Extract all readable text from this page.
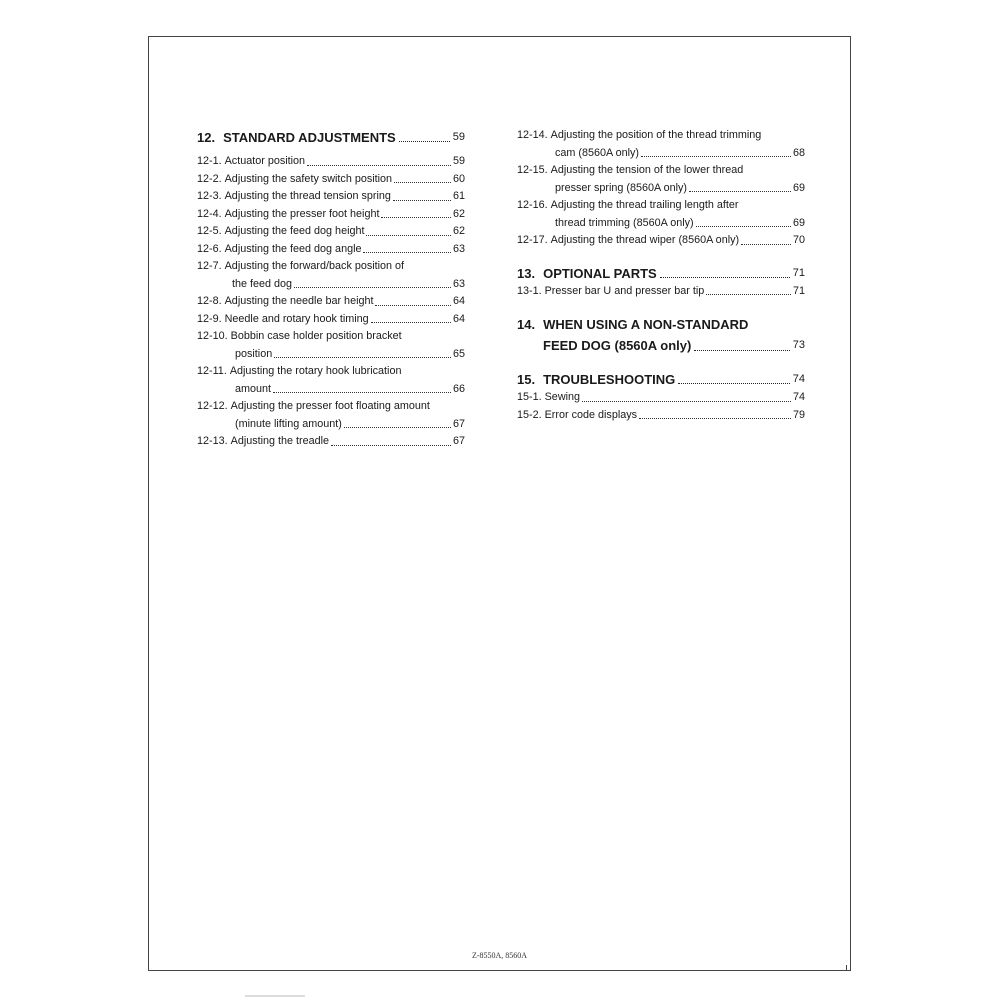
12. STANDARD ADJUSTMENTS	59
12-1. Actuator position	59
12-2. Adjusting the safety switch position	60
12-3. Adjusting the thread tension spring	61
12-4. Adjusting the presser foot height	62
12-5. Adjusting the feed dog height	62
12-6. Adjusting the feed dog angle	63
12-7. Adjusting the forward/back position of
the feed dog	63
12-8. Adjusting the needle bar height	64
12-9. Needle and rotary hook timing	64
12-10. Bobbin case holder position bracket
position	65
12-11. Adjusting the rotary hook lubrication
amount	66
12-12. Adjusting the presser foot floating amount
(minute lifting amount)	67
12-13. Adjusting the treadle	67
12-14. Adjusting the position of the thread trimming
cam (8560A only)	68
12-15. Adjusting the tension of the lower thread
presser spring (8560A only)	69
12-16. Adjusting the thread trailing length after
thread trimming (8560A only)	69
12-17. Adjusting the thread wiper (8560A only)	70
13. OPTIONAL PARTS	71
13-1. Presser bar U and presser bar tip	71
14. WHEN USING A NON-STANDARD
FEED DOG (8560A only)	73
15. TROUBLESHOOTING	74
15-1. Sewing	74
15-2. Error code displays	79
Z-8550A, 8560A
